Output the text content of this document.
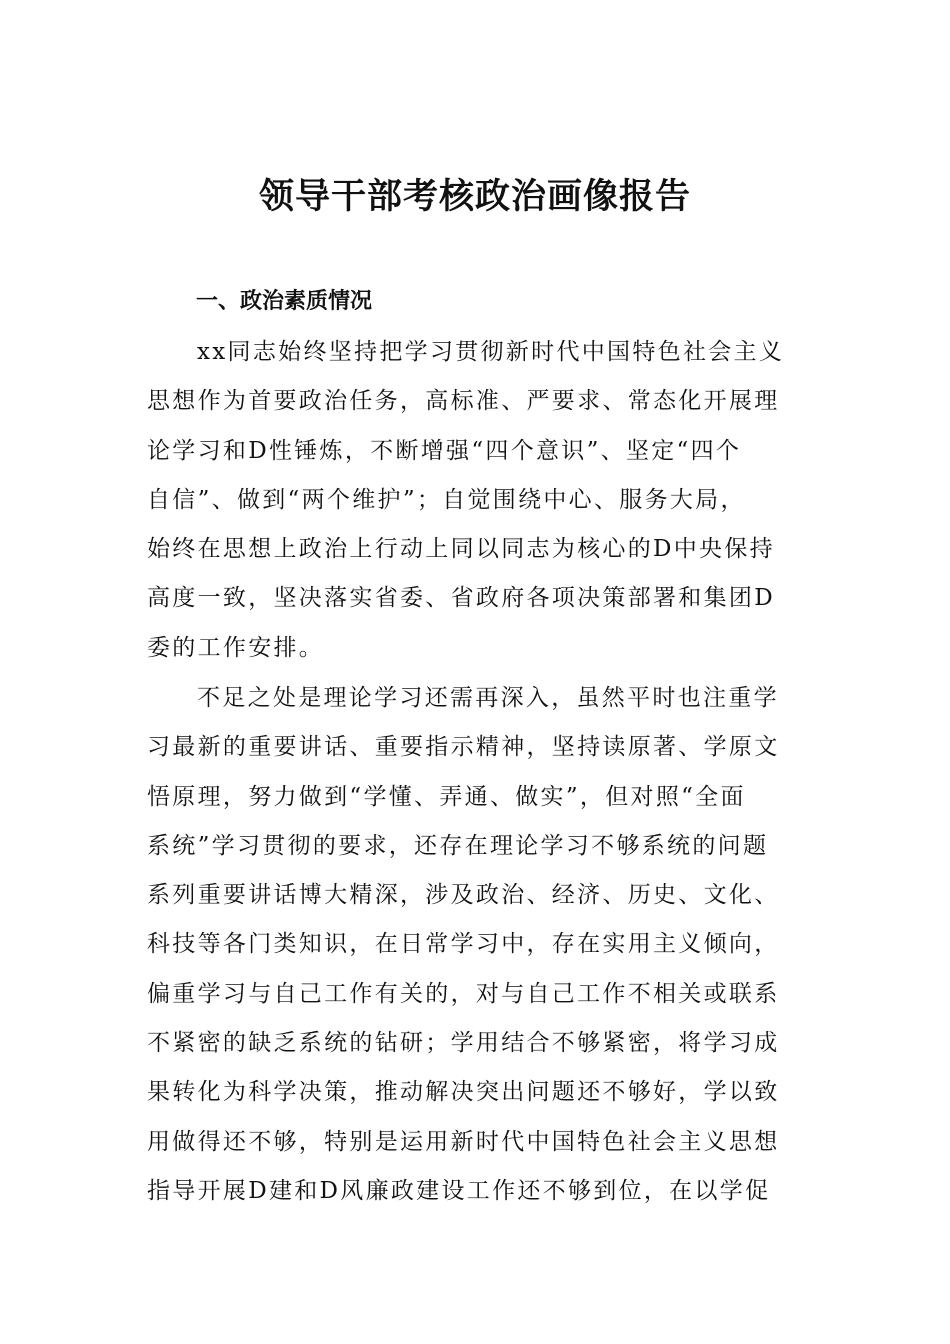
领导干部考核政治画像报告
一、政治素质情况

xx同志始终坚持把学习贯彻新时代中国特色社会主义
思想作为首要政治任务，高标准、严要求、常态化开展理
论学习和D性锤炼，不断增强“四个意识”、坚定“四个
自信”、做到“两个维护”；自觉围绕中心、服务大局，
始终在思想上政治上行动上同以同志为核心的D中央保持
高度一致，坚决落实省委、省政府各项决策部署和集团D
委的工作安排。

不足之处是理论学习还需再深入，虽然平时也注重学
习最新的重要讲话、重要指示精神，坚持读原著、学原文
悟原理，努力做到“学懂、弄通、做实”，但对照“全面
系统”学习贯彻的要求，还存在理论学习不够系统的问题
系列重要讲话博大精深，涉及政治、经济、历史、文化、
科技等各门类知识，在日常学习中，存在实用主义倾向，
偏重学习与自己工作有关的，对与自己工作不相关或联系
不紧密的缺乏系统的钻研；学用结合不够紧密，将学习成
果转化为科学决策，推动解决突出问题还不够好，学以致
用做得还不够，特别是运用新时代中国特色社会主义思想
指导开展D建和D风廉政建设工作还不够到位，在以学促
